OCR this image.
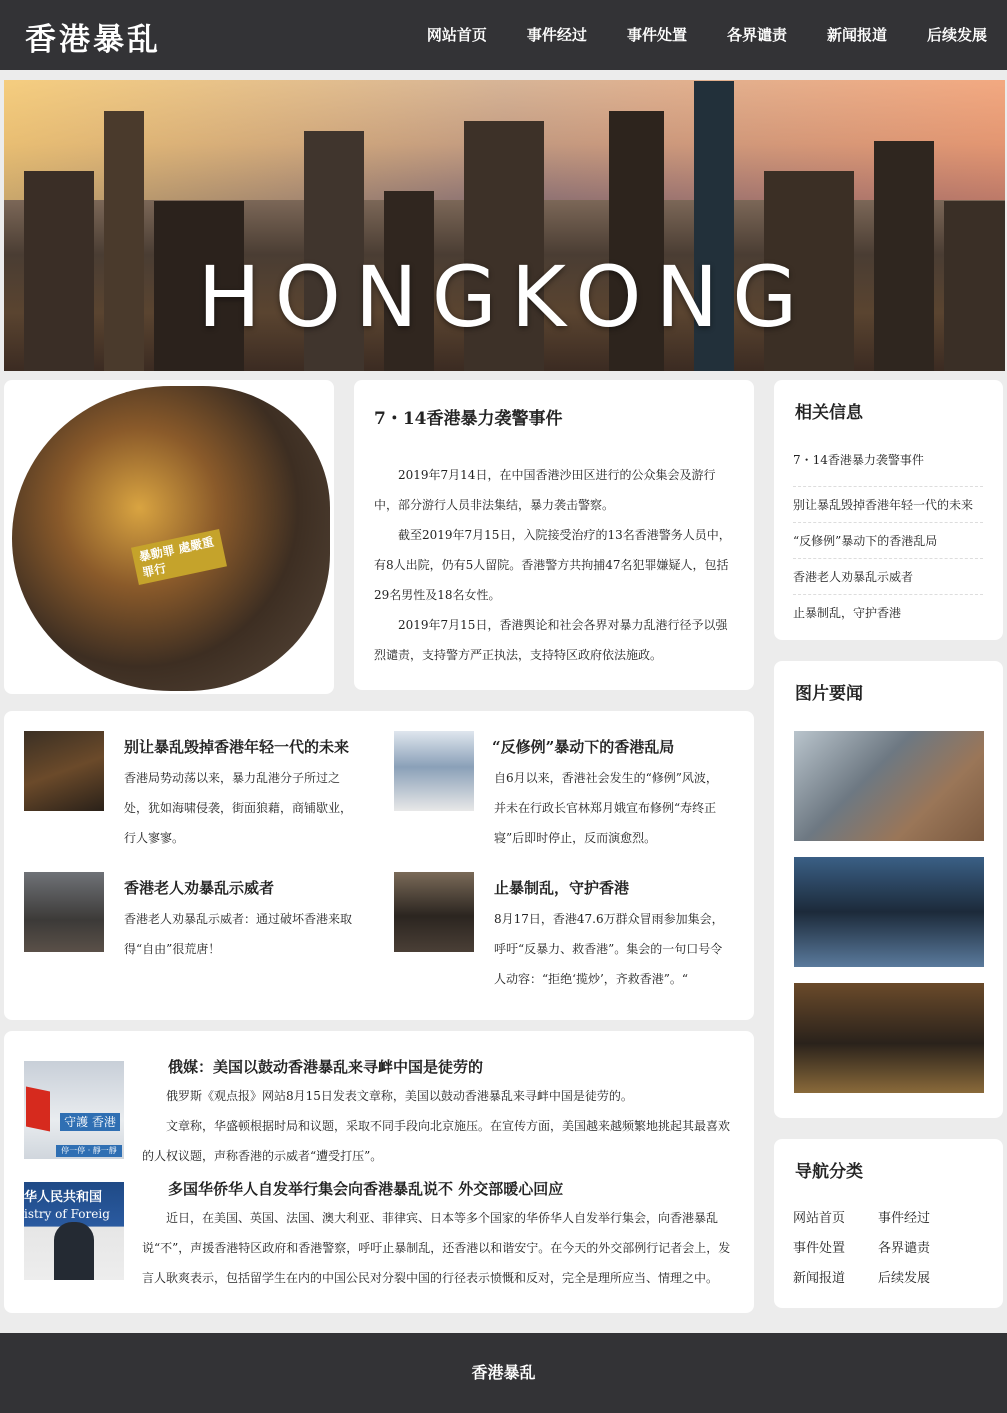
香港暴乱	网站首页	事件经过	事件处置	各界谴责	新闻报道	后续发展
HONGKONG
暴動罪 處嚴重罪行
7・14香港暴力袭警事件

2019年7月14日，在中国香港沙田区进行的公众集会及游行中，部分游行人员非法集结，暴力袭击警察。

截至2019年7月15日，入院接受治疗的13名香港警务人员中，有8人出院，仍有5人留院。香港警方共拘捕47名犯罪嫌疑人，包括29名男性及18名女性。

2019年7月15日，香港舆论和社会各界对暴力乱港行径予以强烈谴责，支持警方严正执法，支持特区政府依法施政。

别让暴乱毁掉香港年轻一代的未来
香港局势动荡以来，暴力乱港分子所过之处，犹如海啸侵袭，街面狼藉，商铺歇业，行人寥寥。
“反修例”暴动下的香港乱局
自6月以来，香港社会发生的“修例”风波，并未在行政长官林郑月娥宣布修例“寿终正寝”后即时停止，反而演愈烈。
香港老人劝暴乱示威者
香港老人劝暴乱示威者：通过破坏香港来取得“自由”很荒唐！
止暴制乱，守护香港
8月17日，香港47.6万群众冒雨参加集会，呼吁“反暴力、救香港”。集会的一句口号令人动容：“拒绝‘揽炒’，齐救香港”。“
守護 香港
停一停 · 靜一靜
俄媒：美国以鼓动香港暴乱来寻衅中国是徒劳的

俄罗斯《观点报》网站8月15日发表文章称，美国以鼓动香港暴乱来寻衅中国是徒劳的。

文章称，华盛顿根据时局和议题，采取不同手段向北京施压。在宣传方面，美国越来越频繁地挑起其最喜欢的人权议题，声称香港的示威者“遭受打压”。

华人民共和国
istry of Foreig
多国华侨华人自发举行集会向香港暴乱说不 外交部暖心回应

近日，在美国、英国、法国、澳大利亚、菲律宾、日本等多个国家的华侨华人自发举行集会，向香港暴乱说“不”，声援香港特区政府和香港警察，呼吁止暴制乱，还香港以和谐安宁。在今天的外交部例行记者会上，发言人耿爽表示，包括留学生在内的中国公民对分裂中国的行径表示愤慨和反对，完全是理所应当、情理之中。

相关信息
7・14香港暴力袭警事件
别让暴乱毁掉香港年轻一代的未来
“反修例”暴动下的香港乱局
香港老人劝暴乱示威者
止暴制乱，守护香港
图片要闻
导航分类
网站首页	事件经过
事件处置	各界谴责
新闻报道	后续发展
香港暴乱
